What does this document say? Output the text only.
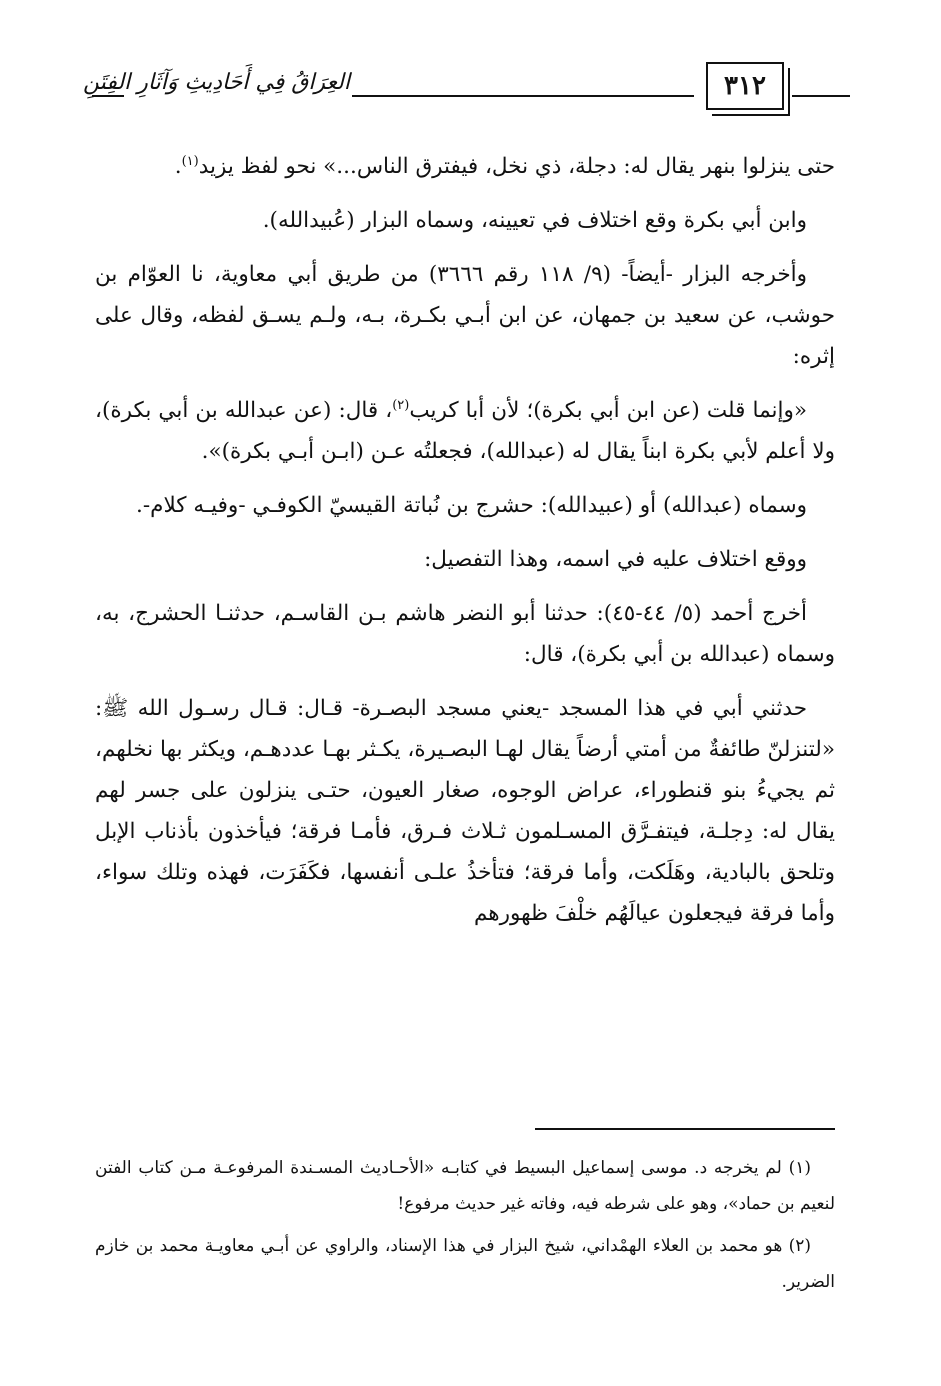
العِرَاقُ فِي أَحَادِيثِ وَآثَارِ الفِتَنِ	٣١٢

حتى ينزلوا بنهر يقال له: دجلة، ذي نخل، فيفترق الناس...» نحو لفظ يزيد$^{(١)}$.

وابن أبي بكرة وقع اختلاف في تعيينه، وسماه البزار (عُبيدالله).

وأخرجه البزار -أيضاً- (٩/ ١١٨ رقم ٣٦٦٦) من طريق أبي معاوية، نا العوّام بن حوشب، عن سعيد بن جمهان، عن ابن أبـي بكـرة، بـه، ولـم يسـق لفظه، وقال على إثره:

«وإنما قلت (عن ابن أبي بكرة)؛ لأن أبا كريب$^{(٢)}$، قال: (عن عبدالله بن أبي بكرة)، ولا أعلم لأبي بكرة ابناً يقال له (عبدالله)، فجعلتُه عـن (ابـن أبـي بكرة)».

وسماه (عبدالله) أو (عبيدالله): حشرج بن نُباتة القيسيّ الكوفـي -وفيـه كلام-.

ووقع اختلاف عليه في اسمه، وهذا التفصيل:

أخرج أحمد (٥/ ٤٤-٤٥): حدثنا أبو النضر هاشم بـن القاسـم، حدثنـا الحشرج، به، وسماه (عبدالله بن أبي بكرة)، قال:

حدثني أبي في هذا المسجد -يعني مسجد البصـرة- قـال: قـال رسـول الله ﷺ: «لتنزلنّ طائفةٌ من أمتي أرضاً يقال لهـا البصـيرة، يكـثر بهـا عددهـم، ويكثر بها نخلهم، ثم يجيءُ بنو قنطوراء، عراض الوجوه، صغار العيون، حتـى ينزلون على جسر لهم يقال له: دِجلـة، فيتفـرَّق المسـلمون ثـلاث فـرق، فأمـا فرقة؛ فيأخذون بأذناب الإبل وتلحق بالبادية، وهَلَكت، وأما فرقة؛ فتأخذُ علـى أنفسها، فكَفَرَت، فهذه وتلك سواء، وأما فرقة فيجعلون عيالَهُم خلْفَ ظهورهم

(١) لم يخرجه د. موسى إسماعيل البسيط في كتابـه «الأحـاديث المسـندة المرفوعـة مـن كتاب الفتن لنعيم بن حماد»، وهو على شرطه فيه، وفاته غير حديث مرفوع!

(٢) هو محمد بن العلاء الهمْداني، شيخ البزار في هذا الإسناد، والراوي عن أبـي معاويـة محمد بن خازم الضرير.
